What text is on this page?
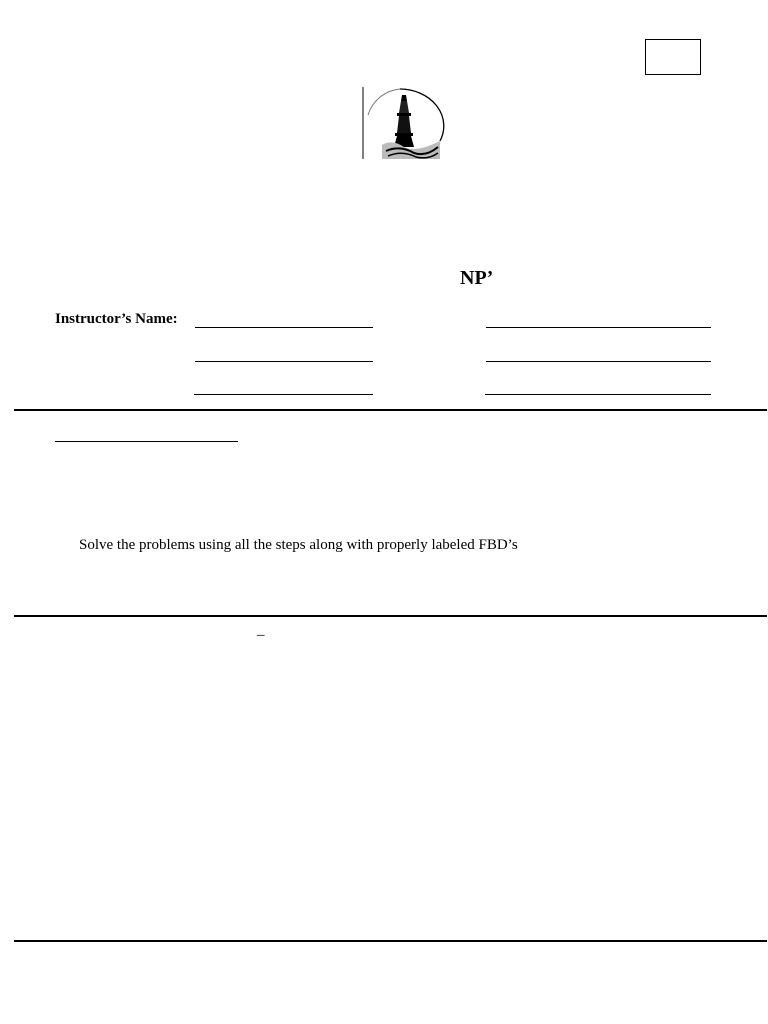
NP’
Instructor’s Name:
Solve the problems using all the steps along with properly labeled FBD’s
–
